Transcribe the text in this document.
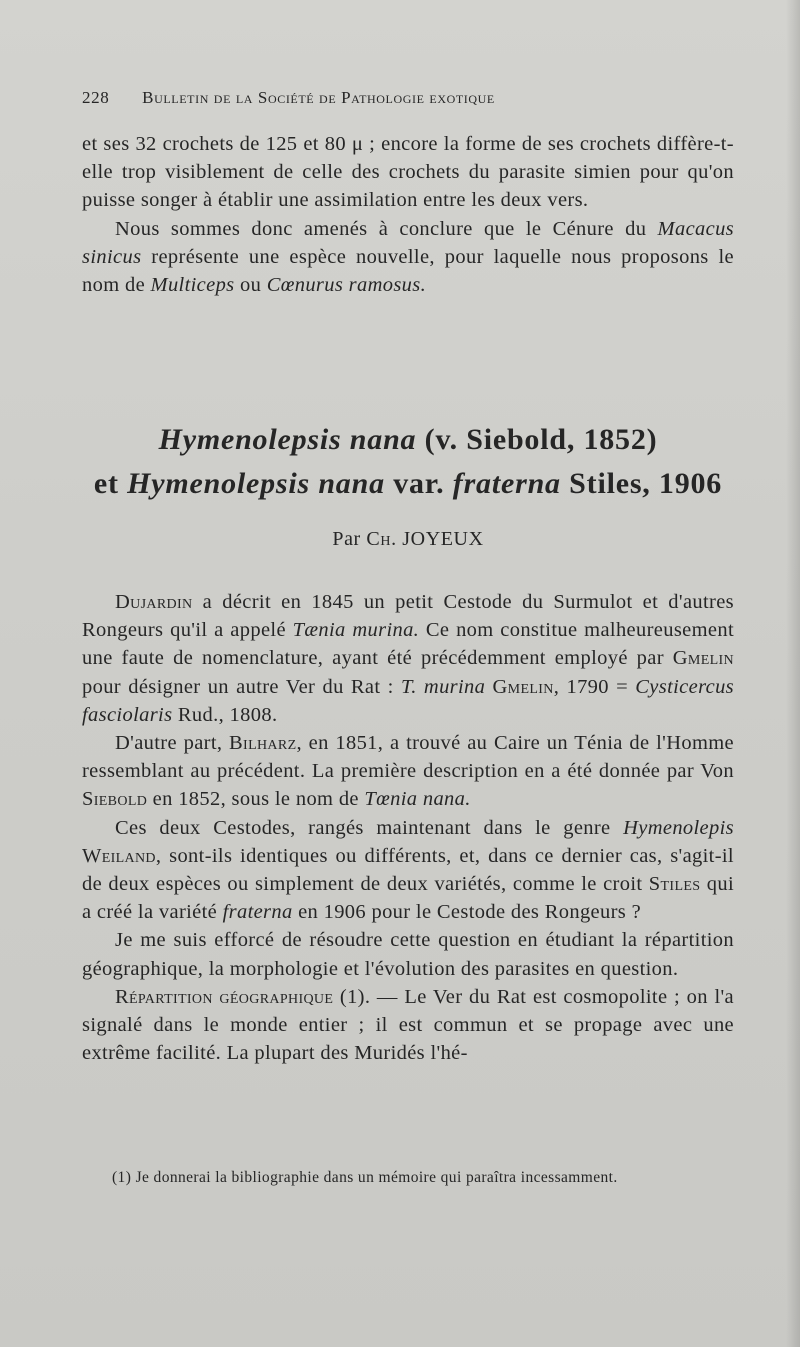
228 Bulletin de la Société de Pathologie exotique

et ses 32 crochets de 125 et 80 μ ; encore la forme de ses crochets diffère-t-elle trop visiblement de celle des crochets du parasite simien pour qu'on puisse songer à établir une assimilation entre les deux vers.

Nous sommes donc amenés à conclure que le Cénure du Macacus sinicus représente une espèce nouvelle, pour laquelle nous proposons le nom de Multiceps ou Cœnurus ramosus.

Hymenolepsis nana (v. Siebold, 1852)
et Hymenolepsis nana var. fraterna Stiles, 1906
Par Ch. JOYEUX

Dujardin a décrit en 1845 un petit Cestode du Surmulot et d'autres Rongeurs qu'il a appelé Tænia murina. Ce nom constitue malheureusement une faute de nomenclature, ayant été précédemment employé par Gmelin pour désigner un autre Ver du Rat : T. murina Gmelin, 1790 = Cysticercus fasciolaris Rud., 1808.

D'autre part, Bilharz, en 1851, a trouvé au Caire un Ténia de l'Homme ressemblant au précédent. La première description en a été donnée par Von Siebold en 1852, sous le nom de Tœnia nana.

Ces deux Cestodes, rangés maintenant dans le genre Hymenolepis Weiland, sont-ils identiques ou différents, et, dans ce dernier cas, s'agit-il de deux espèces ou simplement de deux variétés, comme le croit Stiles qui a créé la variété fraterna en 1906 pour le Cestode des Rongeurs ?

Je me suis efforcé de résoudre cette question en étudiant la répartition géographique, la morphologie et l'évolution des parasites en question.

Répartition géographique (1). — Le Ver du Rat est cosmopolite ; on l'a signalé dans le monde entier ; il est commun et se propage avec une extrême facilité. La plupart des Muridés l'hé-

(1) Je donnerai la bibliographie dans un mémoire qui paraîtra incessamment.
